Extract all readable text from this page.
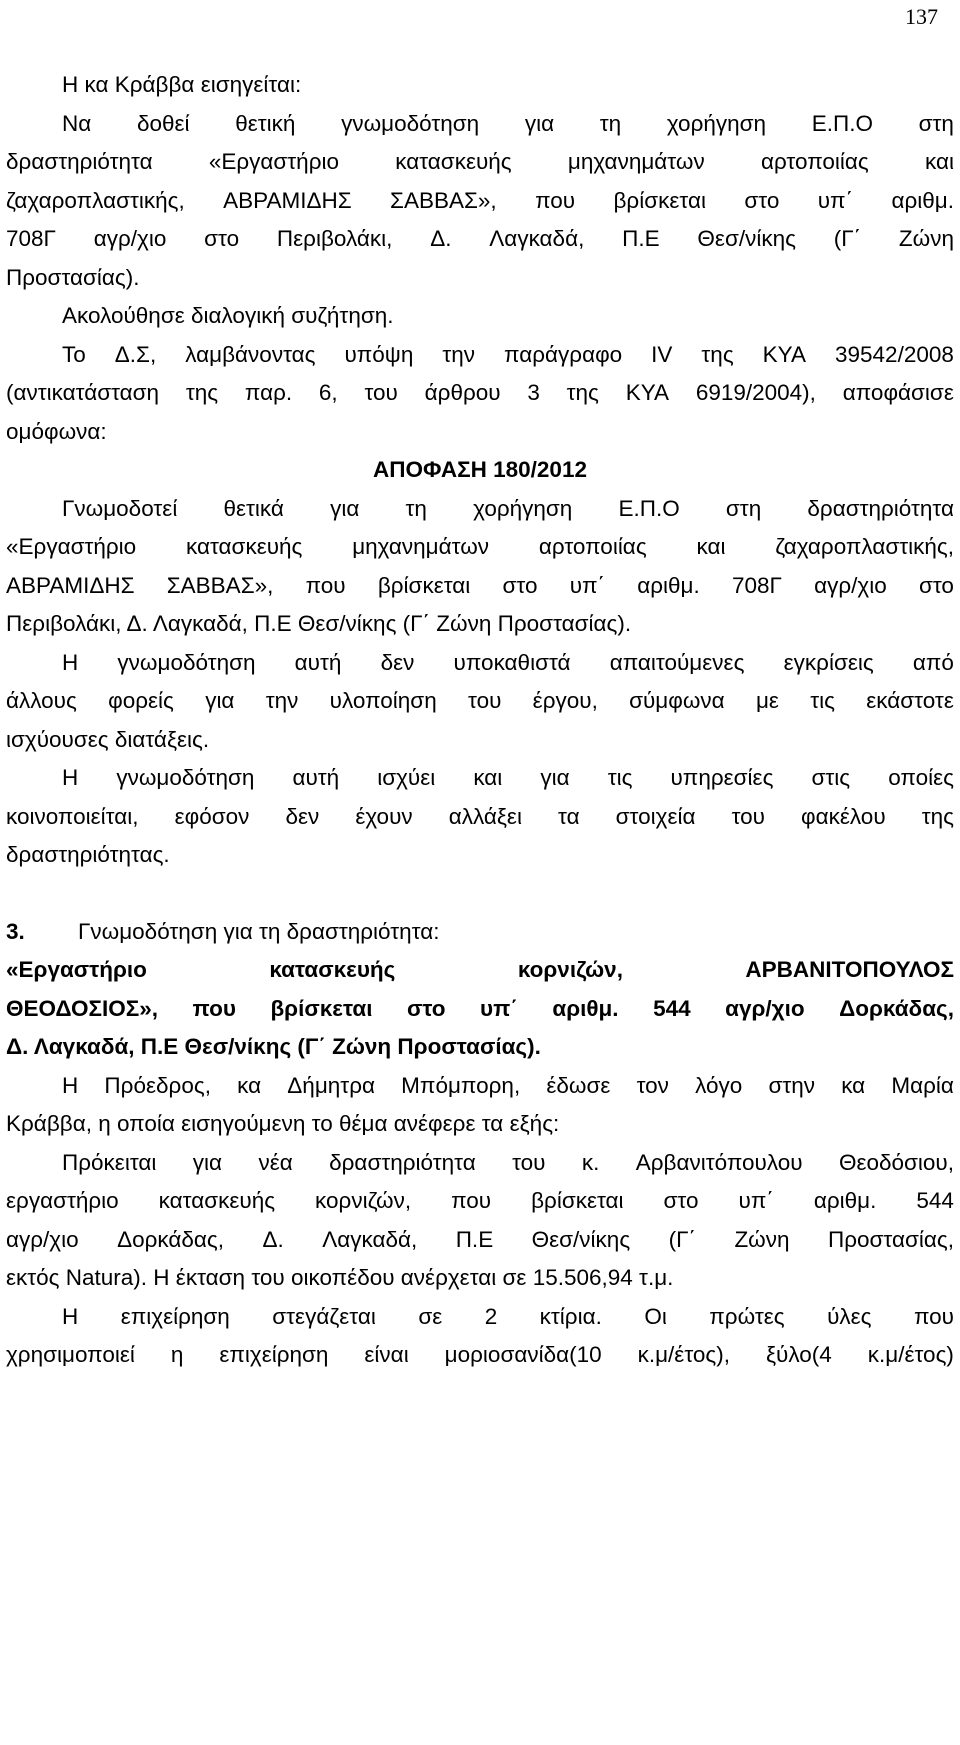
137
Η κα Κράββα εισηγείται:
Να δοθεί θετική γνωμοδότηση για τη χορήγηση Ε.Π.Ο στη
δραστηριότητα «Εργαστήριο κατασκευής μηχανημάτων αρτοποιίας και
ζαχαροπλαστικής, ΑΒΡΑΜΙΔΗΣ ΣΑΒΒΑΣ», που βρίσκεται στο υπ΄ αριθμ.
708Γ αγρ/χιο στο Περιβολάκι, Δ. Λαγκαδά, Π.Ε Θεσ/νίκης (Γ΄ Ζώνη
Προστασίας).
Ακολούθησε διαλογική συζήτηση.
Το Δ.Σ, λαμβάνοντας υπόψη την παράγραφο IV της ΚΥΑ 39542/2008
(αντικατάσταση της παρ. 6, του άρθρου 3 της ΚΥΑ 6919/2004), αποφάσισε
ομόφωνα:
ΑΠΟΦΑΣΗ 180/2012
Γνωμοδοτεί θετικά για τη χορήγηση Ε.Π.Ο στη δραστηριότητα
«Εργαστήριο κατασκευής μηχανημάτων αρτοποιίας και ζαχαροπλαστικής,
ΑΒΡΑΜΙΔΗΣ ΣΑΒΒΑΣ», που βρίσκεται στο υπ΄ αριθμ. 708Γ αγρ/χιο στο
Περιβολάκι, Δ. Λαγκαδά, Π.Ε Θεσ/νίκης (Γ΄ Ζώνη Προστασίας).
Η γνωμοδότηση αυτή δεν υποκαθιστά απαιτούμενες εγκρίσεις από
άλλους φορείς για την υλοποίηση του έργου, σύμφωνα με τις εκάστοτε
ισχύουσες διατάξεις.
Η γνωμοδότηση αυτή ισχύει και για τις υπηρεσίες στις οποίες
κοινοποιείται, εφόσον δεν έχουν αλλάξει τα στοιχεία του φακέλου της
δραστηριότητας.
3. Γνωμοδότηση για τη δραστηριότητα:
«Εργαστήριο	κατασκευής	κορνιζών,	ΑΡΒΑΝΙΤΟΠΟΥΛΟΣ
ΘΕΟΔΟΣΙΟΣ», που βρίσκεται στο υπ΄ αριθμ. 544 αγρ/χιο Δορκάδας,
Δ. Λαγκαδά, Π.Ε Θεσ/νίκης (Γ΄ Ζώνη Προστασίας).
Η Πρόεδρος, κα Δήμητρα Μπόμπορη, έδωσε τον λόγο στην κα Μαρία
Κράββα, η οποία εισηγούμενη το θέμα ανέφερε τα εξής:
Πρόκειται για νέα δραστηριότητα του κ. Αρβανιτόπουλου Θεοδόσιου,
εργαστήριο κατασκευής κορνιζών, που βρίσκεται στο υπ΄ αριθμ. 544
αγρ/χιο Δορκάδας, Δ. Λαγκαδά, Π.Ε Θεσ/νίκης (Γ΄ Ζώνη Προστασίας,
εκτός Natura). Η έκταση του οικοπέδου ανέρχεται σε 15.506,94 τ.μ.
Η επιχείρηση στεγάζεται σε 2 κτίρια. Οι πρώτες ύλες που
χρησιμοποιεί η επιχείρηση είναι μοριοσανίδα(10 κ.μ/έτος), ξύλο(4 κ.μ/έτος)
